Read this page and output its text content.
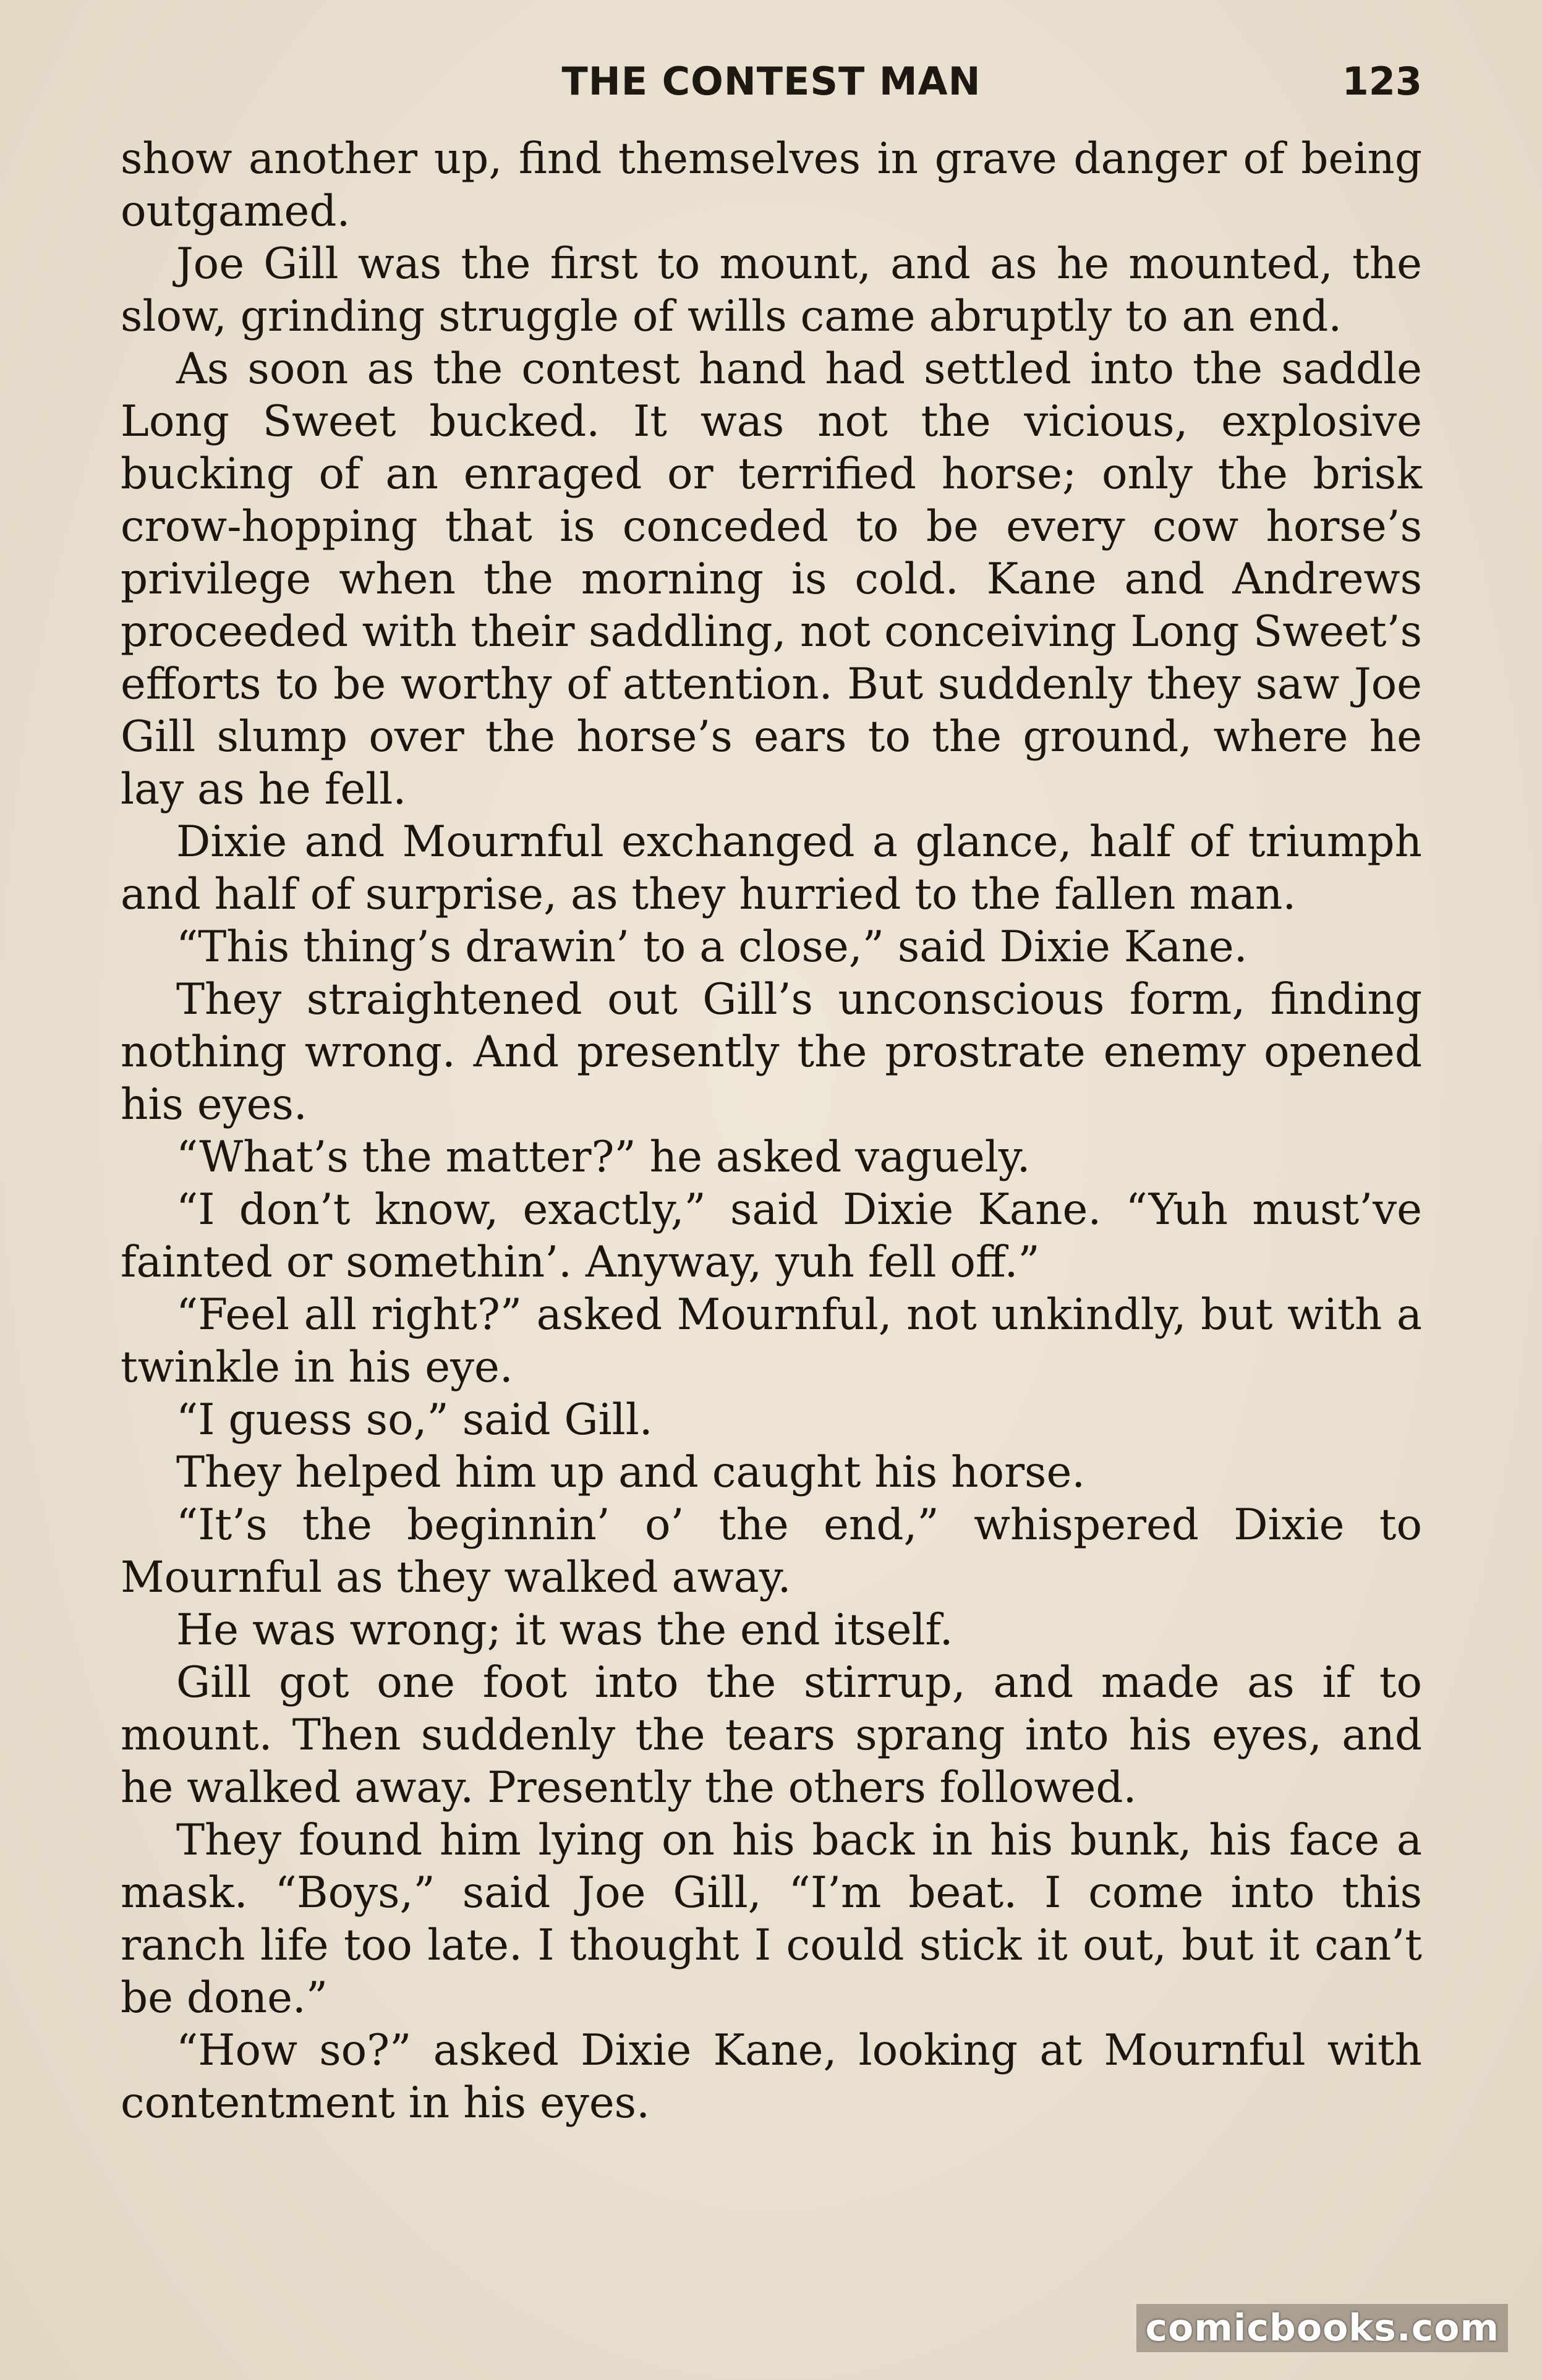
THE CONTEST MAN	123

show another up, find themselves in grave danger of being outgamed.

Joe Gill was the first to mount, and as he mounted, the slow, grinding struggle of wills came abruptly to an end.

As soon as the contest hand had settled into the saddle Long Sweet bucked. It was not the vicious, explosive bucking of an enraged or terrified horse; only the brisk crow-hopping that is conceded to be every cow horse’s privilege when the morning is cold. Kane and Andrews proceeded with their saddling, not conceiving Long Sweet’s efforts to be worthy of attention. But suddenly they saw Joe Gill slump over the horse’s ears to the ground, where he lay as he fell.

Dixie and Mournful exchanged a glance, half of triumph and half of surprise, as they hurried to the fallen man.

“This thing’s drawin’ to a close,” said Dixie Kane.

They straightened out Gill’s unconscious form, finding nothing wrong. And presently the prostrate enemy opened his eyes.

“What’s the matter?” he asked vaguely.

“I don’t know, exactly,” said Dixie Kane. “Yuh must’ve fainted or somethin’. Anyway, yuh fell off.”

“Feel all right?” asked Mournful, not unkindly, but with a twinkle in his eye.

“I guess so,” said Gill.

They helped him up and caught his horse.

“It’s the beginnin’ o’ the end,” whispered Dixie to Mournful as they walked away.

He was wrong; it was the end itself.

Gill got one foot into the stirrup, and made as if to mount. Then suddenly the tears sprang into his eyes, and he walked away. Presently the others followed.

They found him lying on his back in his bunk, his face a mask. “Boys,” said Joe Gill, “I’m beat. I come into this ranch life too late. I thought I could stick it out, but it can’t be done.”

“How so?” asked Dixie Kane, looking at Mournful with contentment in his eyes.

comicbooks.com
